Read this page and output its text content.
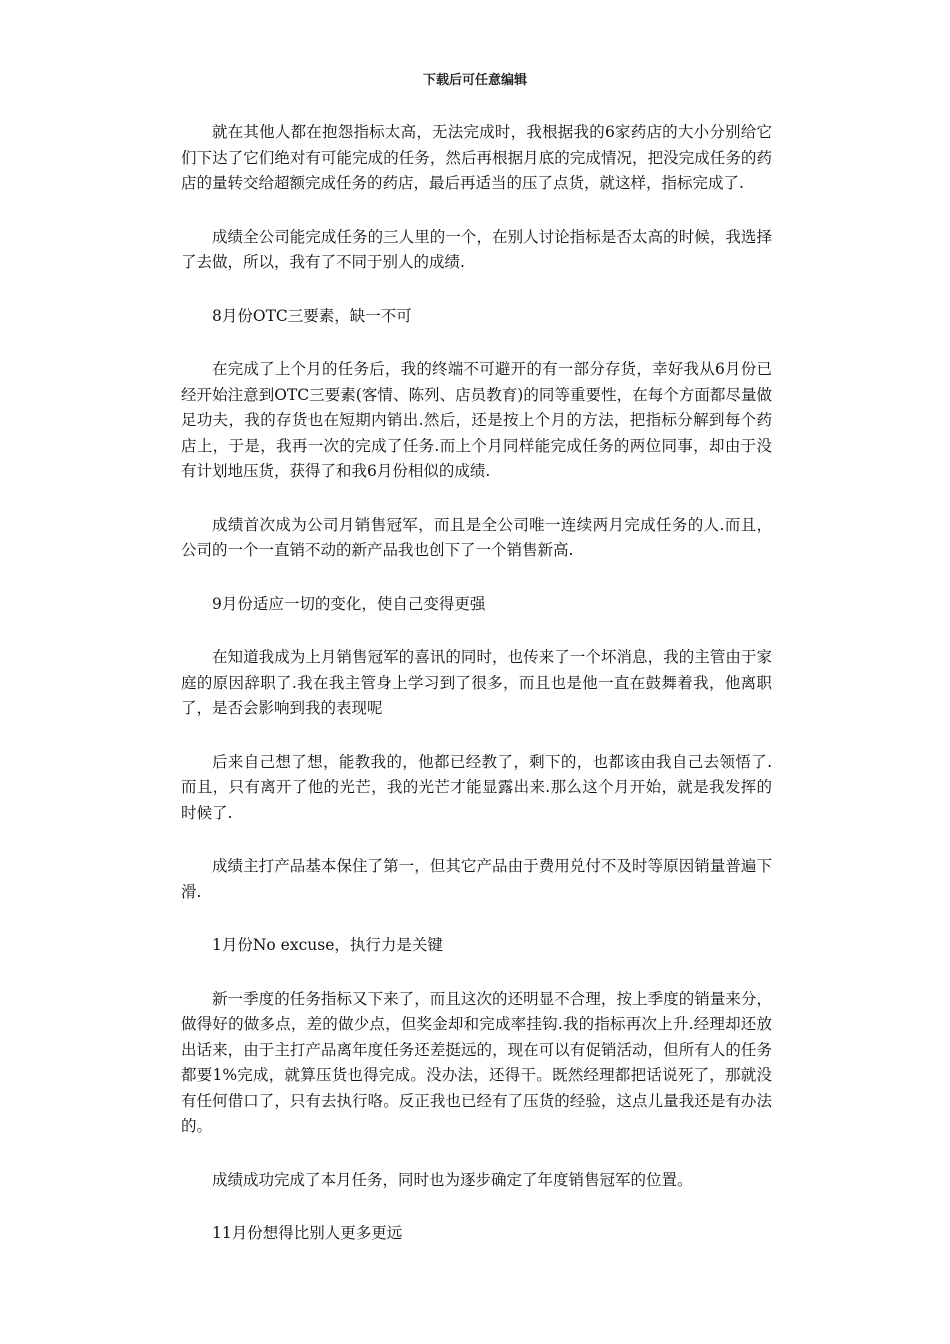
下载后可任意编辑

就在其他人都在抱怨指标太高，无法完成时，我根据我的6家药店的大小分别给它们下达了它们绝对有可能完成的任务，然后再根据月底的完成情况，把没完成任务的药店的量转交给超额完成任务的药店，最后再适当的压了点货，就这样，指标完成了.

成绩全公司能完成任务的三人里的一个，在别人讨论指标是否太高的时候，我选择了去做，所以，我有了不同于别人的成绩.

8月份OTC三要素，缺一不可

在完成了上个月的任务后，我的终端不可避开的有一部分存货，幸好我从6月份已经开始注意到OTC三要素(客情、陈列、店员教育)的同等重要性，在每个方面都尽量做足功夫，我的存货也在短期内销出.然后，还是按上个月的方法，把指标分解到每个药店上，于是，我再一次的完成了任务.而上个月同样能完成任务的两位同事，却由于没有计划地压货，获得了和我6月份相似的成绩.

成绩首次成为公司月销售冠军，而且是全公司唯一连续两月完成任务的人.而且，公司的一个一直销不动的新产品我也创下了一个销售新高.

9月份适应一切的变化，使自己变得更强

在知道我成为上月销售冠军的喜讯的同时，也传来了一个坏消息，我的主管由于家庭的原因辞职了.我在我主管身上学习到了很多，而且也是他一直在鼓舞着我，他离职了，是否会影响到我的表现呢

后来自己想了想，能教我的，他都已经教了，剩下的，也都该由我自己去领悟了.而且，只有离开了他的光芒，我的光芒才能显露出来.那么这个月开始，就是我发挥的时候了.

成绩主打产品基本保住了第一，但其它产品由于费用兑付不及时等原因销量普遍下滑.

1月份No excuse，执行力是关键

新一季度的任务指标又下来了，而且这次的还明显不合理，按上季度的销量来分，做得好的做多点，差的做少点，但奖金却和完成率挂钩.我的指标再次上升.经理却还放出话来，由于主打产品离年度任务还差挺远的，现在可以有促销活动，但所有人的任务都要1%完成，就算压货也得完成。没办法，还得干。既然经理都把话说死了，那就没有任何借口了，只有去执行咯。反正我也已经有了压货的经验，这点儿量我还是有办法的。

成绩成功完成了本月任务，同时也为逐步确定了年度销售冠军的位置。

11月份想得比别人更多更远
